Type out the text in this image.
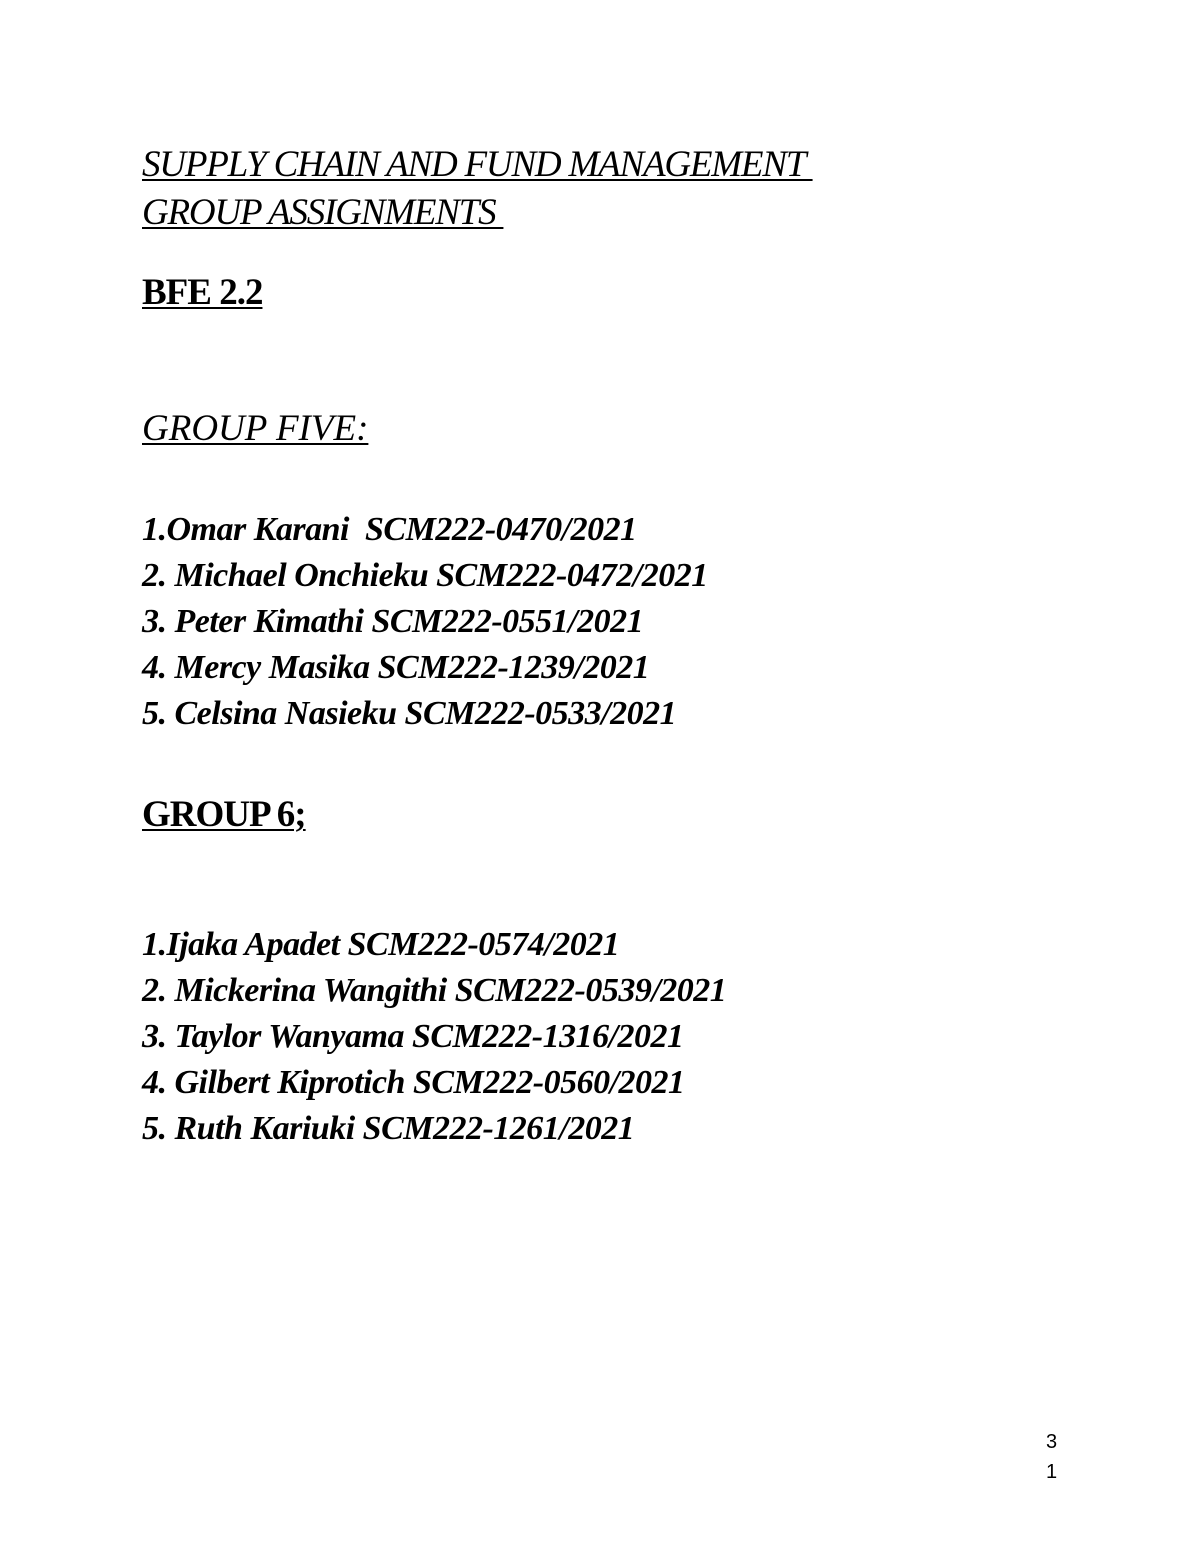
SUPPLY CHAIN AND FUND MANAGEMENT
GROUP ASSIGNMENTS
BFE 2.2
GROUP FIVE:
1.Omar Karani  SCM222-0470/2021
2. Michael Onchieku SCM222-0472/2021
3. Peter Kimathi SCM222-0551/2021
4. Mercy Masika SCM222-1239/2021
5. Celsina Nasieku SCM222-0533/2021
GROUP 6;
1.Ijaka Apadet SCM222-0574/2021
2. Mickerina Wangithi SCM222-0539/2021
3. Taylor Wanyama SCM222-1316/2021
4. Gilbert Kiprotich SCM222-0560/2021
5. Ruth Kariuki SCM222-1261/2021
3
1
